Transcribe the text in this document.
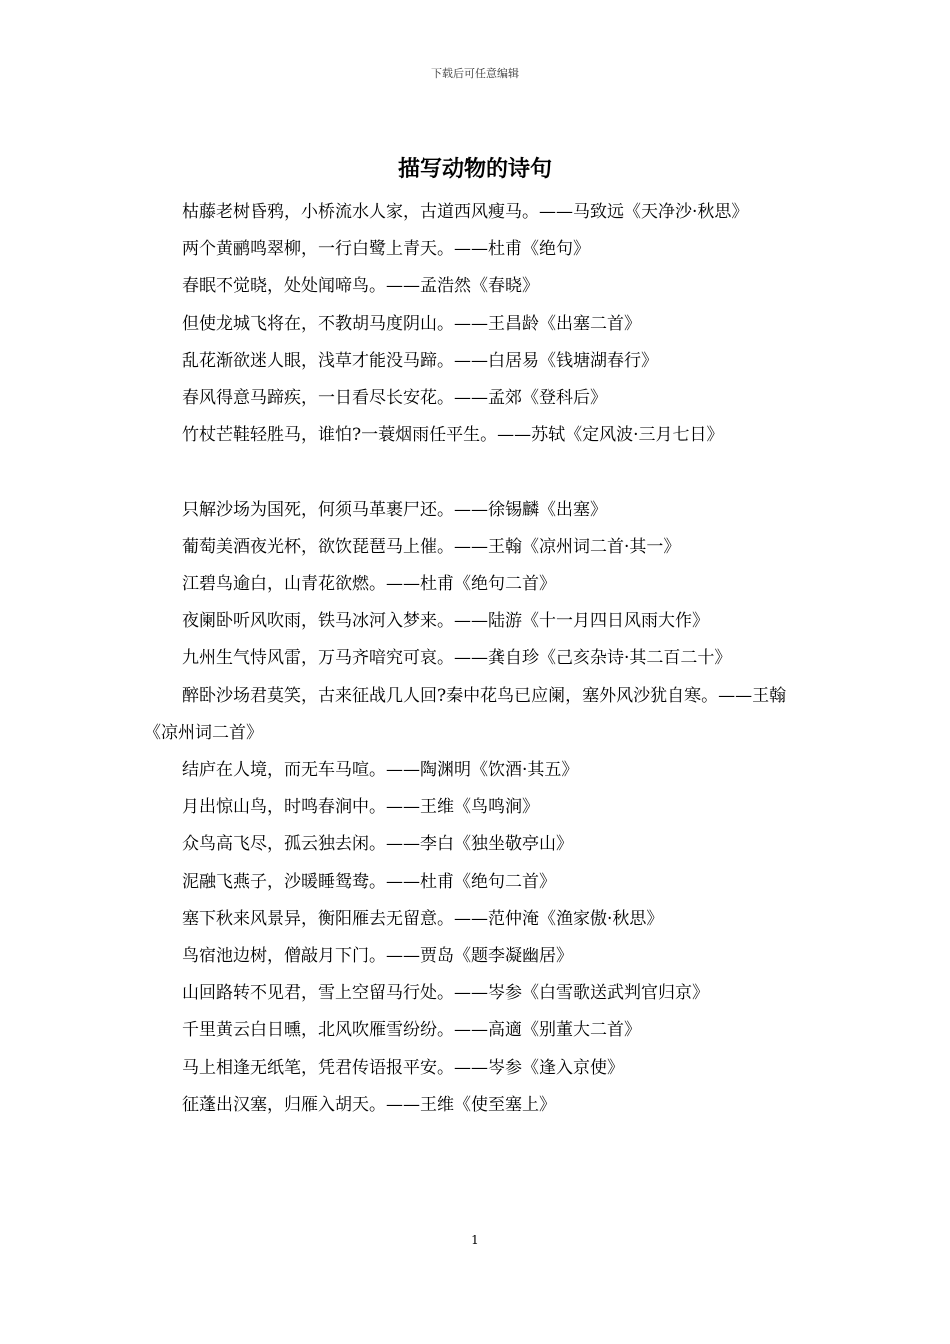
下载后可任意编辑
描写动物的诗句

枯藤老树昏鸦，小桥流水人家，古道西风瘦马。——马致远《天净沙·秋思》

两个黄鹂鸣翠柳，一行白鹭上青天。——杜甫《绝句》

春眠不觉晓，处处闻啼鸟。——孟浩然《春晓》

但使龙城飞将在，不教胡马度阴山。——王昌龄《出塞二首》

乱花渐欲迷人眼，浅草才能没马蹄。——白居易《钱塘湖春行》

春风得意马蹄疾，一日看尽长安花。——孟郊《登科后》

竹杖芒鞋轻胜马，谁怕?一蓑烟雨任平生。——苏轼《定风波·三月七日》

只解沙场为国死，何须马革裹尸还。——徐锡麟《出塞》

葡萄美酒夜光杯，欲饮琵琶马上催。——王翰《凉州词二首·其一》

江碧鸟逾白，山青花欲燃。——杜甫《绝句二首》

夜阑卧听风吹雨，铁马冰河入梦来。——陆游《十一月四日风雨大作》

九州生气恃风雷，万马齐喑究可哀。——龚自珍《己亥杂诗·其二百二十》

醉卧沙场君莫笑，古来征战几人回?秦中花鸟已应阑，塞外风沙犹自寒。——王翰《凉州词二首》

结庐在人境，而无车马喧。——陶渊明《饮酒·其五》

月出惊山鸟，时鸣春涧中。——王维《鸟鸣涧》

众鸟高飞尽，孤云独去闲。——李白《独坐敬亭山》

泥融飞燕子，沙暖睡鸳鸯。——杜甫《绝句二首》

塞下秋来风景异，衡阳雁去无留意。——范仲淹《渔家傲·秋思》

鸟宿池边树，僧敲月下门。——贾岛《题李凝幽居》

山回路转不见君，雪上空留马行处。——岑参《白雪歌送武判官归京》

千里黄云白日曛，北风吹雁雪纷纷。——高適《别董大二首》

马上相逢无纸笔，凭君传语报平安。——岑参《逢入京使》

征蓬出汉塞，归雁入胡天。——王维《使至塞上》

1
